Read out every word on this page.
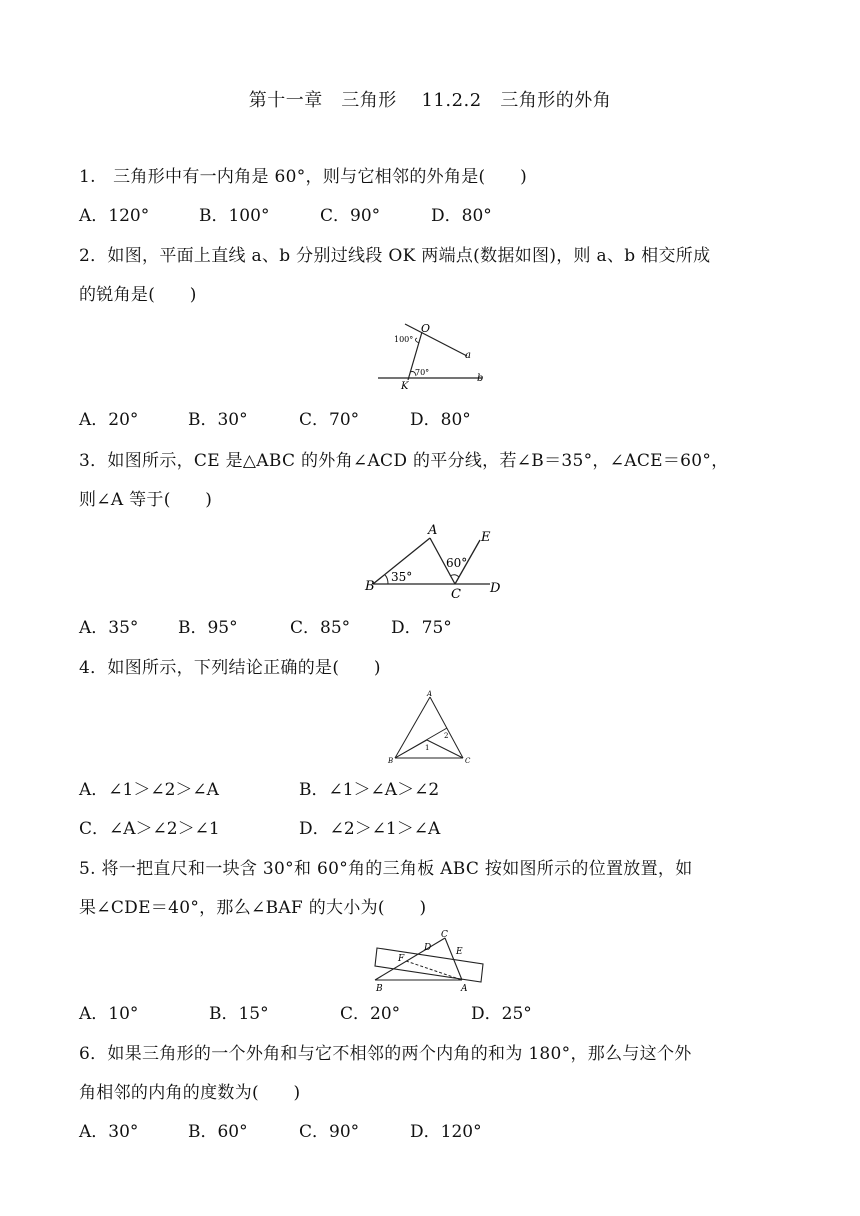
第十一章　三角形　 11.2.2　三角形的外角
1.　三角形中有一内角是 60°，则与它相邻的外角是(　　)
A．120°	B．100°	C．90°	D．80°
2．如图，平面上直线 a、b 分别过线段 OK 两端点(数据如图)，则 a、b 相交所成
的锐角是(　　)
O
100°
a
70°
K
b
A．20°	B．30°	C．70°	D．80°
3．如图所示，CE 是△ABC 的外角∠ACD 的平分线，若∠B＝35°，∠ACE＝60°，
则∠A 等于(　　)
A	E
60°
B
35°
C D
A．35° B．95°	C．85° D．75°
4．如图所示，下列结论正确的是(　　)
A
2
1
B	C
A．∠1＞∠2＞∠A	B．∠1＞∠A＞∠2
C．∠A＞∠2＞∠1	D．∠2＞∠1＞∠A
5. 将一把直尺和一块含 30°和 60°角的三角板 ABC 按如图所示的位置放置，如
果∠CDE＝40°，那么∠BAF 的大小为(　　)
C
D	E
F
B	A
A．10°	B．15°	C．20°	D．25°
6．如果三角形的一个外角和与它不相邻的两个内角的和为 180°，那么与这个外
角相邻的内角的度数为(　　)
A．30°	B．60°	C．90°	D．120°
